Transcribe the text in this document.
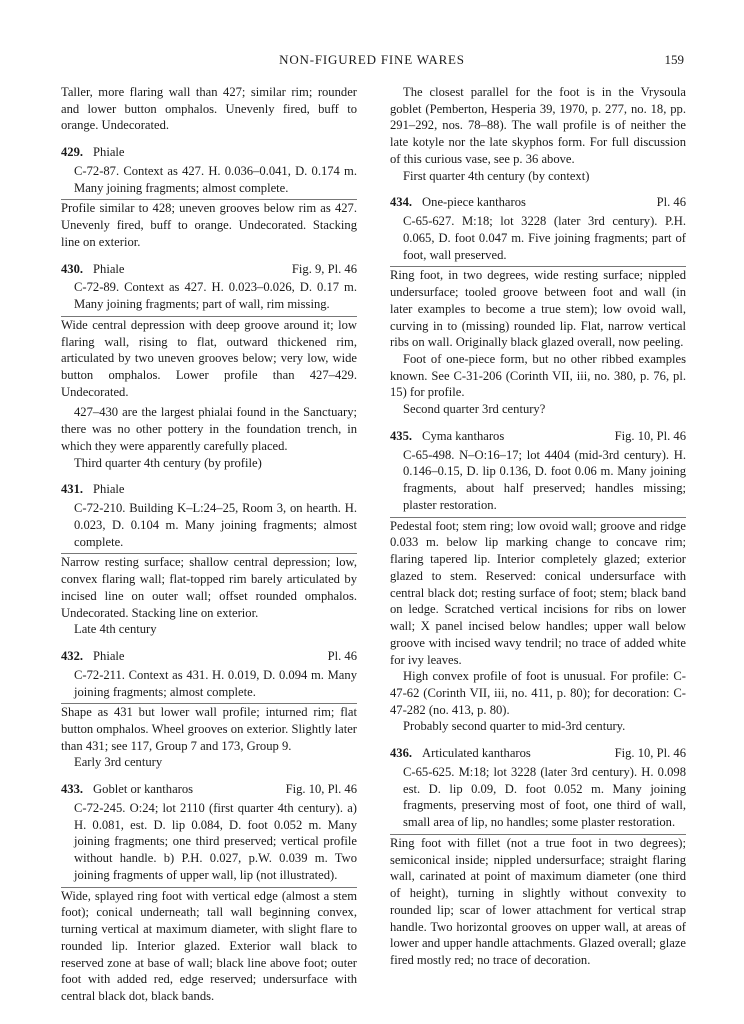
NON-FIGURED FINE WARES	159

Taller, more flaring wall than 427; similar rim; rounder and lower button omphalos. Unevenly fired, buff to orange. Undecorated.

429. Phiale

C-72-87. Context as 427. H. 0.036–0.041, D. 0.174 m. Many joining fragments; almost complete.

Profile similar to 428; uneven grooves below rim as 427. Unevenly fired, buff to orange. Undecorated. Stacking line on exterior.

430. Phiale	Fig. 9, Pl. 46

C-72-89. Context as 427. H. 0.023–0.026, D. 0.17 m. Many joining fragments; part of wall, rim missing.

Wide central depression with deep groove around it; low flaring wall, rising to flat, outward thickened rim, articulated by two uneven grooves below; very low, wide button omphalos. Lower profile than 427–429. Undecorated.

427–430 are the largest phialai found in the Sanctuary; there was no other pottery in the foundation trench, in which they were apparently carefully placed.

Third quarter 4th century (by profile)

431. Phiale

C-72-210. Building K–L:24–25, Room 3, on hearth. H. 0.023, D. 0.104 m. Many joining fragments; almost complete.

Narrow resting surface; shallow central depression; low, convex flaring wall; flat-topped rim barely articulated by incised line on outer wall; offset rounded omphalos. Undecorated. Stacking line on exterior.

Late 4th century

432. Phiale	Pl. 46

C-72-211. Context as 431. H. 0.019, D. 0.094 m. Many joining fragments; almost complete.

Shape as 431 but lower wall profile; inturned rim; flat button omphalos. Wheel grooves on exterior. Slightly later than 431; see 117, Group 7 and 173, Group 9.

Early 3rd century

433. Goblet or kantharos	Fig. 10, Pl. 46

C-72-245. O:24; lot 2110 (first quarter 4th century). a) H. 0.081, est. D. lip 0.084, D. foot 0.052 m. Many joining fragments; one third preserved; vertical profile without handle. b) P.H. 0.027, p.W. 0.039 m. Two joining fragments of upper wall, lip (not illustrated).

Wide, splayed ring foot with vertical edge (almost a stem foot); conical underneath; tall wall beginning convex, turning vertical at maximum diameter, with slight flare to rounded lip. Interior glazed. Exterior wall black to reserved zone at base of wall; black line above foot; outer foot with added red, edge reserved; undersurface with central black dot, black bands.

The closest parallel for the foot is in the Vrysoula goblet (Pemberton, Hesperia 39, 1970, p. 277, no. 18, pp. 291–292, nos. 78–88). The wall profile is of neither the late kotyle nor the late skyphos form. For full discussion of this curious vase, see p. 36 above.

First quarter 4th century (by context)

434. One-piece kantharos	Pl. 46

C-65-627. M:18; lot 3228 (later 3rd century). P.H. 0.065, D. foot 0.047 m. Five joining fragments; part of foot, wall preserved.

Ring foot, in two degrees, wide resting surface; nippled undersurface; tooled groove between foot and wall (in later examples to become a true stem); low ovoid wall, curving in to (missing) rounded lip. Flat, narrow vertical ribs on wall. Originally black glazed overall, now peeling.

Foot of one-piece form, but no other ribbed examples known. See C-31-206 (Corinth VII, iii, no. 380, p. 76, pl. 15) for profile.

Second quarter 3rd century?

435. Cyma kantharos	Fig. 10, Pl. 46

C-65-498. N–O:16–17; lot 4404 (mid-3rd century). H. 0.146–0.15, D. lip 0.136, D. foot 0.06 m. Many joining fragments, about half preserved; handles missing; plaster restoration.

Pedestal foot; stem ring; low ovoid wall; groove and ridge 0.033 m. below lip marking change to concave rim; flaring tapered lip. Interior completely glazed; exterior glazed to stem. Reserved: conical undersurface with central black dot; resting surface of foot; stem; black band on ledge. Scratched vertical incisions for ribs on lower wall; X panel incised below handles; upper wall below groove with incised wavy tendril; no trace of added white for ivy leaves.

High convex profile of foot is unusual. For profile: C-47-62 (Corinth VII, iii, no. 411, p. 80); for decoration: C-47-282 (no. 413, p. 80).

Probably second quarter to mid-3rd century.

436. Articulated kantharos	Fig. 10, Pl. 46

C-65-625. M:18; lot 3228 (later 3rd century). H. 0.098 est. D. lip 0.09, D. foot 0.052 m. Many joining fragments, preserving most of foot, one third of wall, small area of lip, no handles; some plaster restoration.

Ring foot with fillet (not a true foot in two degrees); semiconical inside; nippled undersurface; straight flaring wall, carinated at point of maximum diameter (one third of height), turning in slightly without convexity to rounded lip; scar of lower attachment for vertical strap handle. Two horizontal grooves on upper wall, at areas of lower and upper handle attachments. Glazed overall; glaze fired mostly red; no trace of decoration.
